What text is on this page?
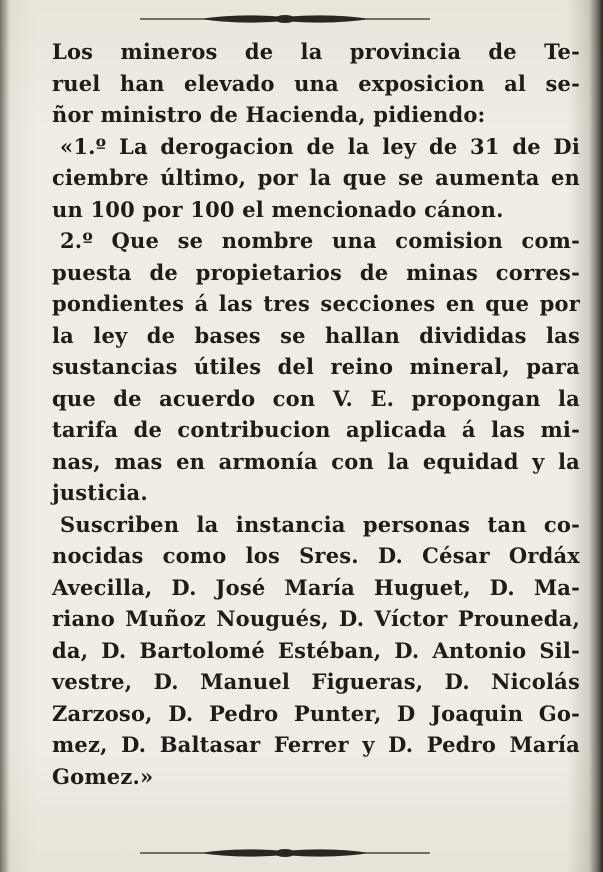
Los mineros de la provincia de Te-
ruel han elevado una exposicion al se-
ñor ministro de Hacienda, pidiendo:
«1.º La derogacion de la ley de 31 de Di
ciembre último, por la que se aumenta en
un 100 por 100 el mencionado cánon.
2.º Que se nombre una comision com-
puesta de propietarios de minas corres-
pondientes á las tres secciones en que por
la ley de bases se hallan divididas las
sustancias útiles del reino mineral, para
que de acuerdo con V. E. propongan la
tarifa de contribucion aplicada á las mi-
nas, mas en armonía con la equidad y la
justicia.
Suscriben la instancia personas tan co-
nocidas como los Sres. D. César Ordáx
Avecilla, D. José María Huguet, D. Ma-
riano Muñoz Nougués, D. Víctor Prouneda,
da, D. Bartolomé Estéban, D. Antonio Sil-
vestre, D. Manuel Figueras, D. Nicolás
Zarzoso, D. Pedro Punter, D Joaquin Go-
mez, D. Baltasar Ferrer y D. Pedro María
Gomez.»
